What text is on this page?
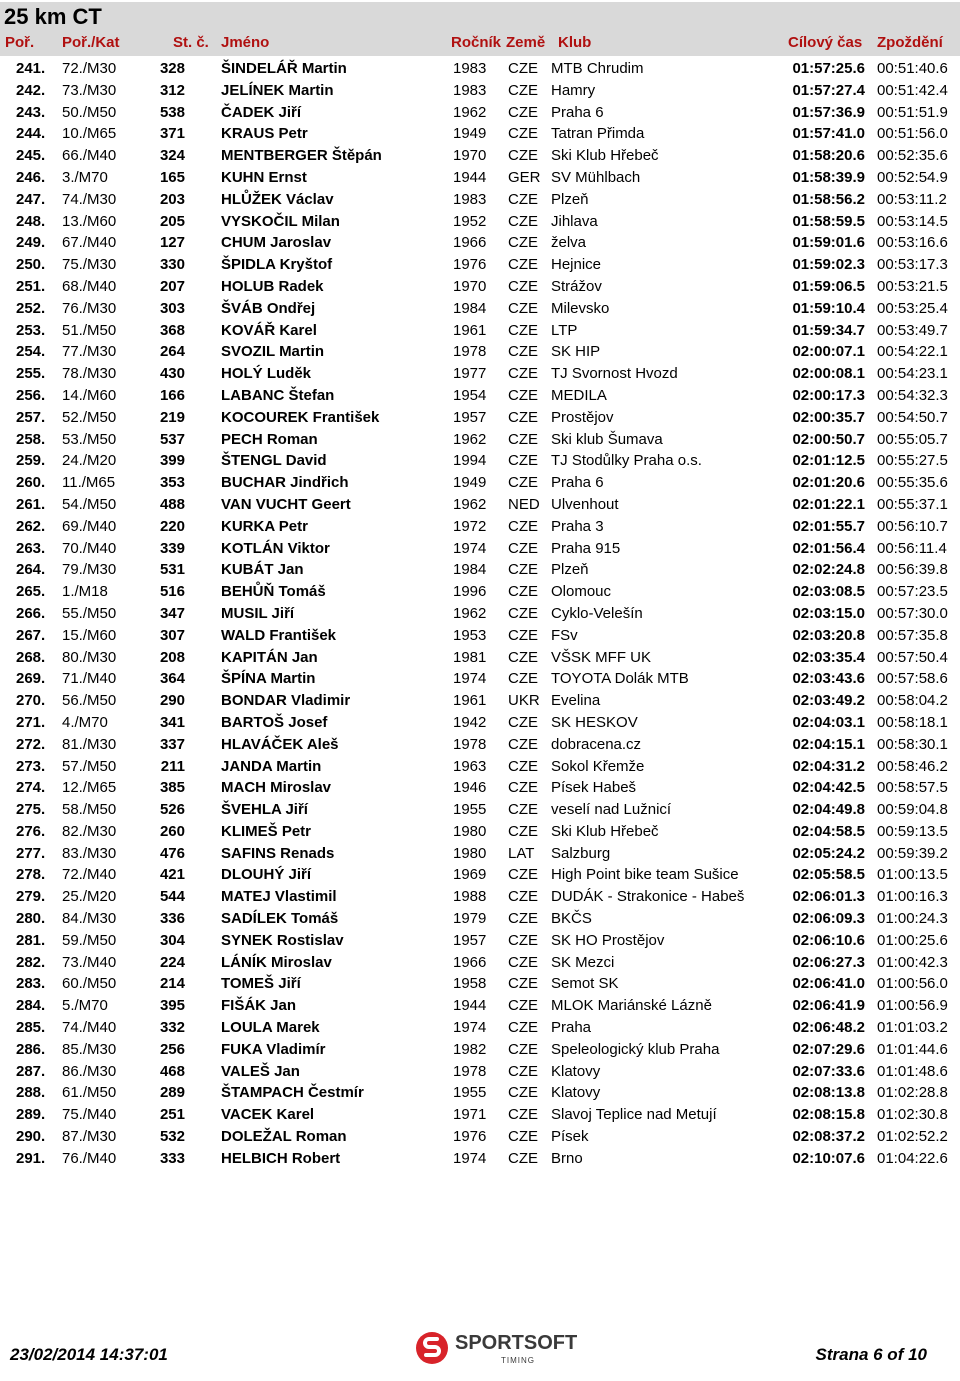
25 km CT
Poř. Poř./Kat	St. č. Jméno	Ročník Země Klub	Cílový čas Zpoždění
241. 72./M30	328 ŠINDELÁŘ Martin	1983 CZE MTB Chrudim	01:57:25.6 00:51:40.6
242. 73./M30	312 JELÍNEK Martin	1983 CZE Hamry	01:57:27.4 00:51:42.4
243. 50./M50	538 ČADEK Jiří	1962 CZE Praha 6	01:57:36.9 00:51:51.9
244. 10./M65	371 KRAUS Petr	1949 CZE Tatran Přimda	01:57:41.0 00:51:56.0
245. 66./M40	324 MENTBERGER Štěpán	1970 CZE Ski Klub Hřebeč	01:58:20.6 00:52:35.6
246. 3./M70	165 KUHN Ernst	1944 GER SV Mühlbach	01:58:39.9 00:52:54.9
247. 74./M30	203 HLŮŽEK Václav	1983 CZE Plzeň	01:58:56.2 00:53:11.2
248. 13./M60	205 VYSKOČIL Milan	1952 CZE Jihlava	01:58:59.5 00:53:14.5
249. 67./M40	127 CHUM Jaroslav	1966 CZE želva	01:59:01.6 00:53:16.6
250. 75./M30	330 ŠPIDLA Kryštof	1976 CZE Hejnice	01:59:02.3 00:53:17.3
251. 68./M40	207 HOLUB Radek	1970 CZE Strážov	01:59:06.5 00:53:21.5
252. 76./M30	303 ŠVÁB Ondřej	1984 CZE Milevsko	01:59:10.4 00:53:25.4
253. 51./M50	368 KOVÁŘ Karel	1961 CZE LTP	01:59:34.7 00:53:49.7
254. 77./M30	264 SVOZIL Martin	1978 CZE SK HIP	02:00:07.1 00:54:22.1
255. 78./M30	430 HOLÝ Luděk	1977 CZE TJ Svornost Hvozd	02:00:08.1 00:54:23.1
256. 14./M60	166 LABANC Štefan	1954 CZE MEDILA	02:00:17.3 00:54:32.3
257. 52./M50	219 KOCOUREK František	1957 CZE Prostějov	02:00:35.7 00:54:50.7
258. 53./M50	537 PECH Roman	1962 CZE Ski klub Šumava	02:00:50.7 00:55:05.7
259. 24./M20	399 ŠTENGL David	1994 CZE TJ Stodůlky Praha o.s.	02:01:12.5 00:55:27.5
260. 11./M65	353 BUCHAR Jindřich	1949 CZE Praha 6	02:01:20.6 00:55:35.6
261. 54./M50	488 VAN VUCHT Geert	1962 NED Ulvenhout	02:01:22.1 00:55:37.1
262. 69./M40	220 KURKA Petr	1972 CZE Praha 3	02:01:55.7 00:56:10.7
263. 70./M40	339 KOTLÁN Viktor	1974 CZE Praha 915	02:01:56.4 00:56:11.4
264. 79./M30	531 KUBÁT Jan	1984 CZE Plzeň	02:02:24.8 00:56:39.8
265. 1./M18	516 BEHŮŇ Tomáš	1996 CZE Olomouc	02:03:08.5 00:57:23.5
266. 55./M50	347 MUSIL Jiří	1962 CZE Cyklo-Velešín	02:03:15.0 00:57:30.0
267. 15./M60	307 WALD František	1953 CZE FSv	02:03:20.8 00:57:35.8
268. 80./M30	208 KAPITÁN Jan	1981 CZE VŠSK MFF UK	02:03:35.4 00:57:50.4
269. 71./M40	364 ŠPÍNA Martin	1974 CZE TOYOTA Dolák MTB	02:03:43.6 00:57:58.6
270. 56./M50	290 BONDAR Vladimir	1961 UKR Evelina	02:03:49.2 00:58:04.2
271. 4./M70	341 BARTOŠ Josef	1942 CZE SK HESKOV	02:04:03.1 00:58:18.1
272. 81./M30	337 HLAVÁČEK Aleš	1978 CZE dobracena.cz	02:04:15.1 00:58:30.1
273. 57./M50	211 JANDA Martin	1963 CZE Sokol Křemže	02:04:31.2 00:58:46.2
274. 12./M65	385 MACH Miroslav	1946 CZE Písek Habeš	02:04:42.5 00:58:57.5
275. 58./M50	526 ŠVEHLA Jiří	1955 CZE veselí nad Lužnicí	02:04:49.8 00:59:04.8
276. 82./M30	260 KLIMEŠ Petr	1980 CZE Ski Klub Hřebeč	02:04:58.5 00:59:13.5
277. 83./M30	476 SAFINS Renads	1980 LAT Salzburg	02:05:24.2 00:59:39.2
278. 72./M40	421 DLOUHÝ Jiří	1969 CZE High Point bike team Sušice	02:05:58.5 01:00:13.5
279. 25./M20	544 MATEJ Vlastimil	1988 CZE DUDÁK - Strakonice - Habeš	02:06:01.3 01:00:16.3
280. 84./M30	336 SADÍLEK Tomáš	1979 CZE BKČS	02:06:09.3 01:00:24.3
281. 59./M50	304 SYNEK Rostislav	1957 CZE SK HO Prostějov	02:06:10.6 01:00:25.6
282. 73./M40	224 LÁNÍK Miroslav	1966 CZE SK Mezci	02:06:27.3 01:00:42.3
283. 60./M50	214 TOMEŠ Jiří	1958 CZE Semot SK	02:06:41.0 01:00:56.0
284. 5./M70	395 FIŠÁK Jan	1944 CZE MLOK Mariánské Lázně	02:06:41.9 01:00:56.9
285. 74./M40	332 LOULA Marek	1974 CZE Praha	02:06:48.2 01:01:03.2
286. 85./M30	256 FUKA Vladimír	1982 CZE Speleologický klub Praha	02:07:29.6 01:01:44.6
287. 86./M30	468 VALEŠ Jan	1978 CZE Klatovy	02:07:33.6 01:01:48.6
288. 61./M50	289 ŠTAMPACH Čestmír	1955 CZE Klatovy	02:08:13.8 01:02:28.8
289. 75./M40	251 VACEK Karel	1971 CZE Slavoj Teplice nad Metují	02:08:15.8 01:02:30.8
290. 87./M30	532 DOLEŽAL Roman	1976 CZE Písek	02:08:37.2 01:02:52.2
291. 76./M40	333 HELBICH Robert	1974 CZE Brno	02:10:07.6 01:04:22.6
23/02/2014 14:37:01
SPORTSOFT
TIMING	Strana 6 of 10
